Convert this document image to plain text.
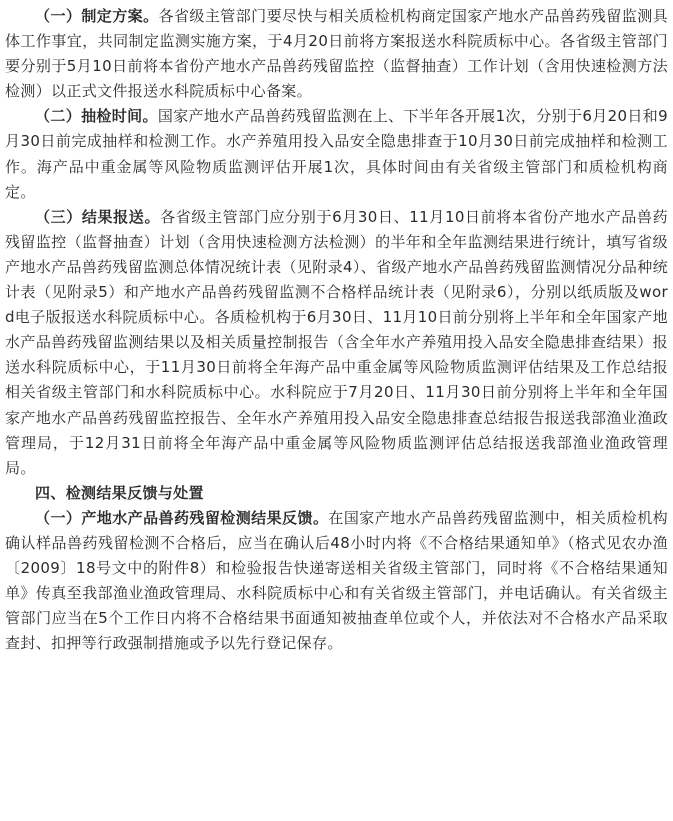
（一）制定方案。各省级主管部门要尽快与相关质检机构商定国家产地水产品兽药残留监测具体工作事宜，共同制定监测实施方案，于4月20日前将方案报送水科院质标中心。各省级主管部门要分别于5月10日前将本省份产地水产品兽药残留监控（监督抽查）工作计划（含用快速检测方法检测）以正式文件报送水科院质标中心备案。

（二）抽检时间。国家产地水产品兽药残留监测在上、下半年各开展1次，分别于6月20日和9月30日前完成抽样和检测工作。水产养殖用投入品安全隐患排查于10月30日前完成抽样和检测工作。海产品中重金属等风险物质监测评估开展1次，具体时间由有关省级主管部门和质检机构商定。

（三）结果报送。各省级主管部门应分别于6月30日、11月10日前将本省份产地水产品兽药残留监控（监督抽查）计划（含用快速检测方法检测）的半年和全年监测结果进行统计，填写省级产地水产品兽药残留监测总体情况统计表（见附录4）、省级产地水产品兽药残留监测情况分品种统计表（见附录5）和产地水产品兽药残留监测不合格样品统计表（见附录6），分别以纸质版及word电子版报送水科院质标中心。各质检机构于6月30日、11月10日前分别将上半年和全年国家产地水产品兽药残留监测结果以及相关质量控制报告（含全年水产养殖用投入品安全隐患排查结果）报送水科院质标中心，于11月30日前将全年海产品中重金属等风险物质监测评估结果及工作总结报相关省级主管部门和水科院质标中心。水科院应于7月20日、11月30日前分别将上半年和全年国家产地水产品兽药残留监控报告、全年水产养殖用投入品安全隐患排查总结报告报送我部渔业渔政管理局，于12月31日前将全年海产品中重金属等风险物质监测评估总结报送我部渔业渔政管理局。

四、检测结果反馈与处置

（一）产地水产品兽药残留检测结果反馈。在国家产地水产品兽药残留监测中，相关质检机构确认样品兽药残留检测不合格后，应当在确认后48小时内将《不合格结果通知单》（格式见农办渔〔2009〕18号文中的附件8）和检验报告快递寄送相关省级主管部门，同时将《不合格结果通知单》传真至我部渔业渔政管理局、水科院质标中心和有关省级主管部门，并电话确认。有关省级主管部门应当在5个工作日内将不合格结果书面通知被抽查单位或个人，并依法对不合格水产品采取查封、扣押等行政强制措施或予以先行登记保存。
